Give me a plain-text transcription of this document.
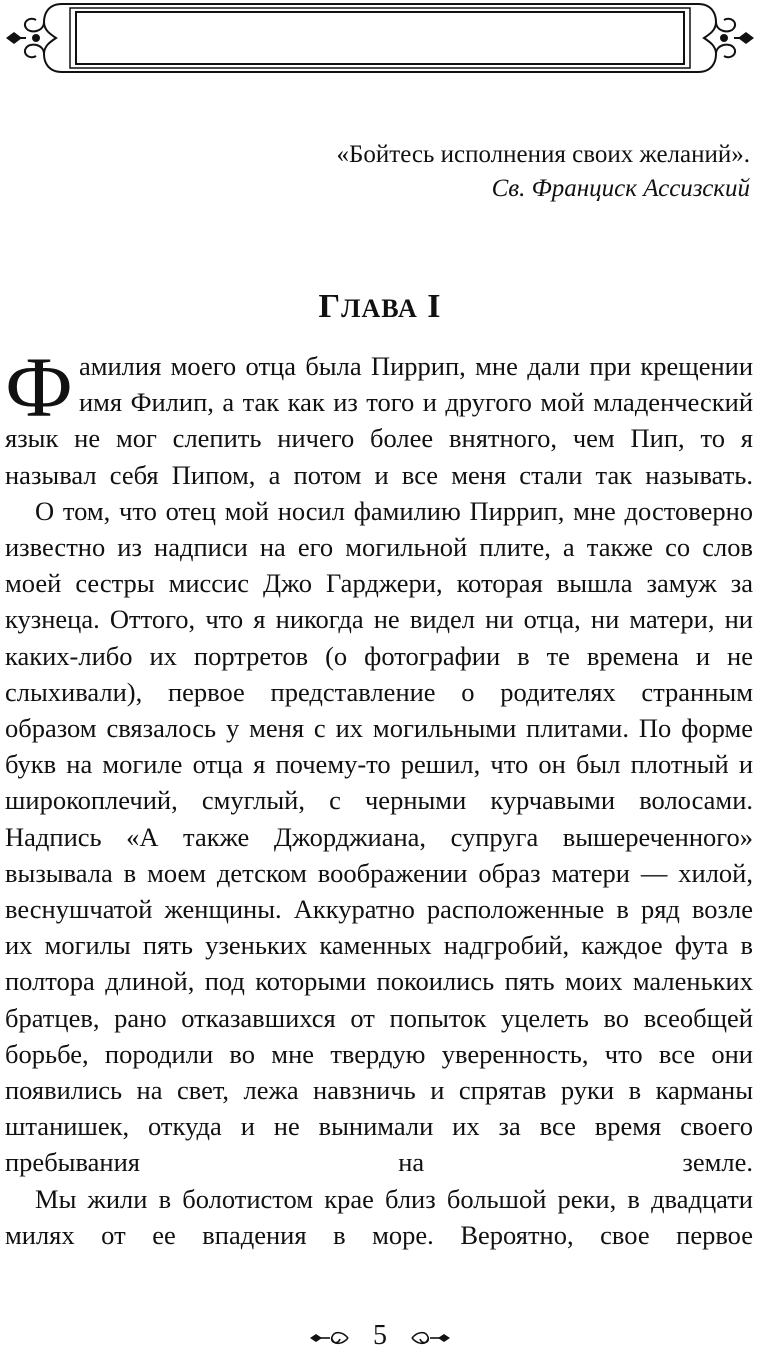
«Бойтесь исполнения своих желаний».
Св. Франциск Ассизский
ГЛАВА I

Фамилия моего отца была Пиррип, мне дали при крещении имя Филип, а так как из того и другого мой младенческий язык не мог слепить ничего более внятного, чем Пип, то я называл себя Пипом, а потом и все меня стали так называть.

О том, что отец мой носил фамилию Пиррип, мне достоверно известно из надписи на его могильной плите, а также со слов моей сестры миссис Джо Гарджери, которая вышла замуж за кузнеца. Оттого, что я никогда не видел ни отца, ни матери, ни каких-либо их портретов (о фотографии в те времена и не слыхивали), первое представление о родителях странным образом связалось у меня с их могильными плитами. По форме букв на могиле отца я почему-то решил, что он был плотный и широкоплечий, смуглый, с черными курчавыми волосами. Надпись «А также Джорджиана, супруга вышереченного» вызывала в моем детском воображении образ матери — хилой, веснушчатой женщины. Аккуратно расположенные в ряд возле их могилы пять узеньких каменных надгробий, каждое фута в полтора длиной, под которыми покоились пять моих маленьких братцев, рано отказавшихся от попыток уцелеть во всеобщей борьбе, породили во мне твердую уверенность, что все они появились на свет, лежа навзничь и спрятав руки в карманы штанишек, откуда и не вынимали их за все время своего пребывания на земле.

Мы жили в болотистом крае близ большой реки, в двадцати милях от ее впадения в море. Вероятно, свое первое

5
